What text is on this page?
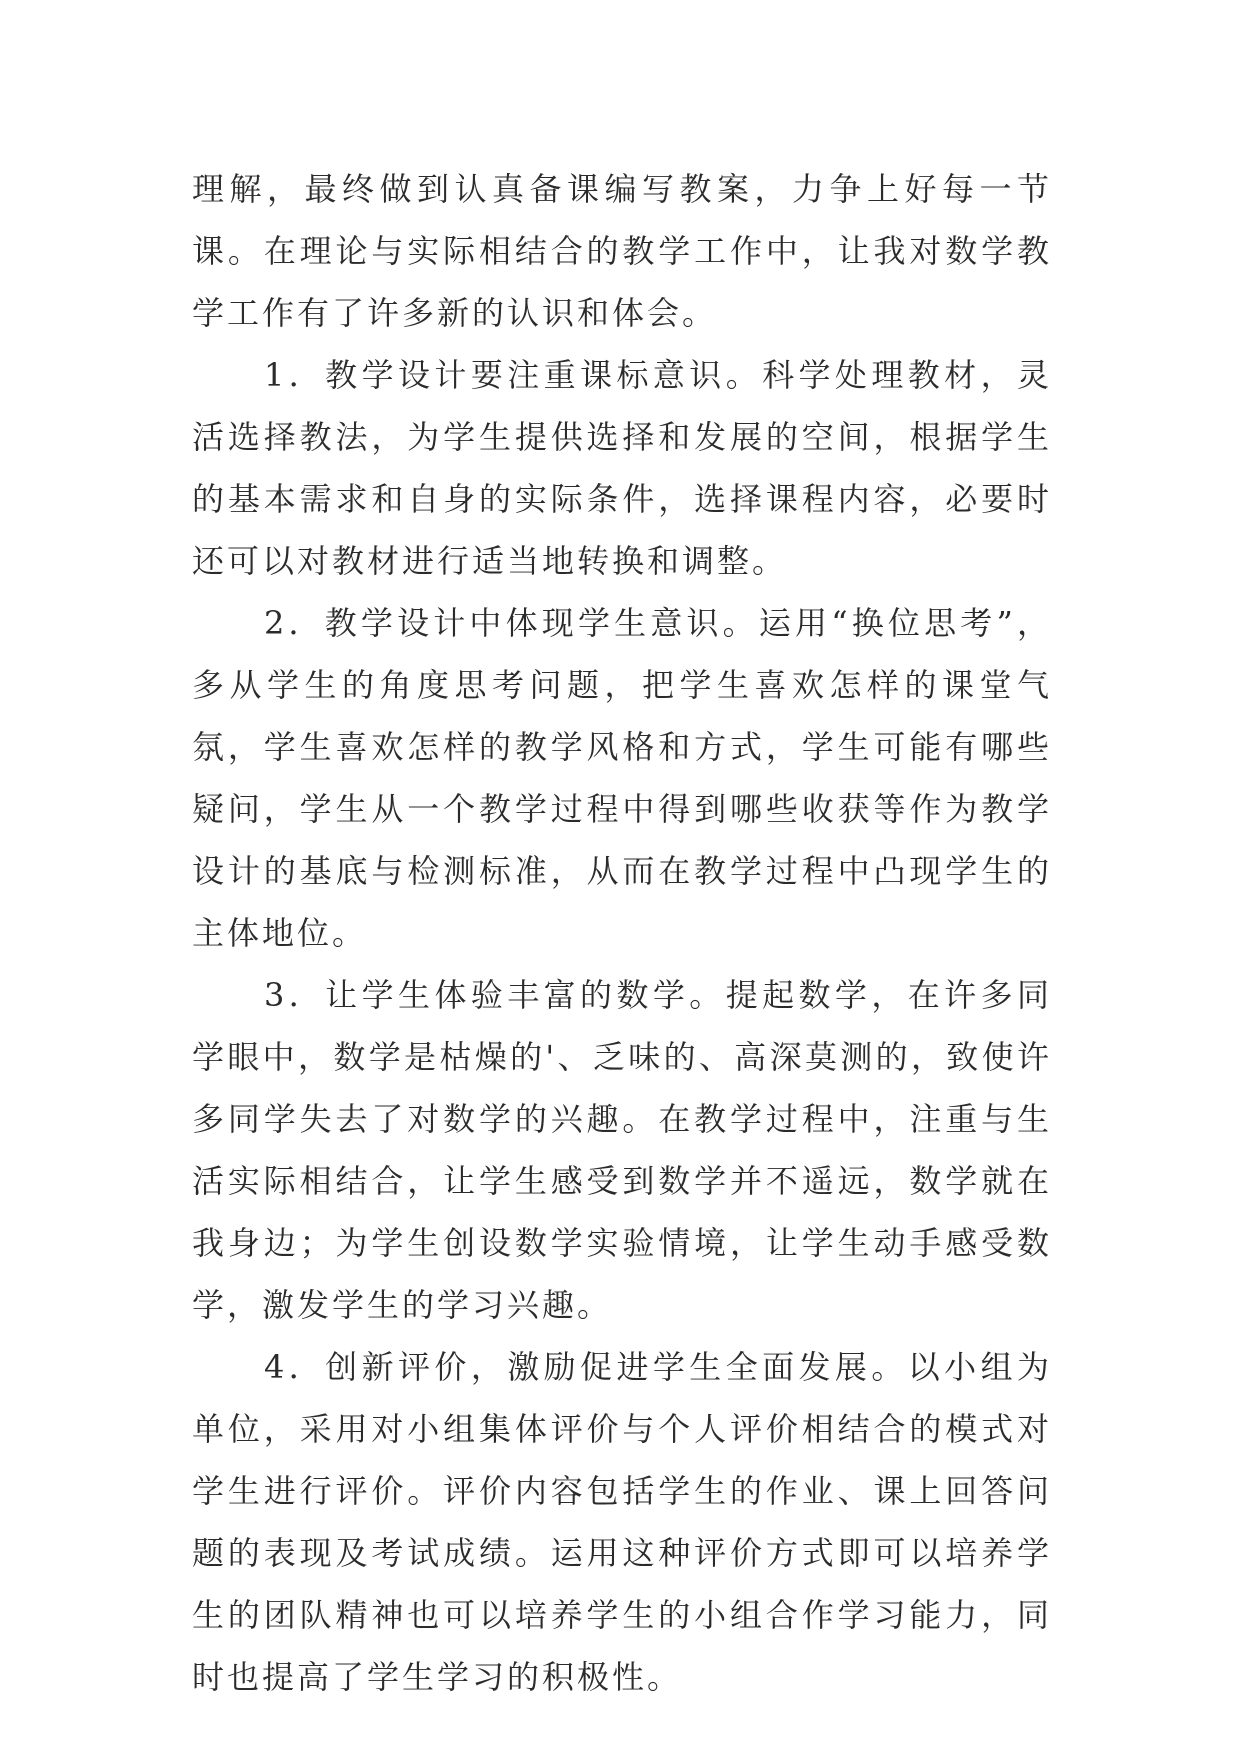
理解，最终做到认真备课编写教案，力争上好每一节课。在理论与实际相结合的教学工作中，让我对数学教学工作有了许多新的认识和体会。

1．教学设计要注重课标意识。科学处理教材，灵活选择教法，为学生提供选择和发展的空间，根据学生的基本需求和自身的实际条件，选择课程内容，必要时还可以对教材进行适当地转换和调整。

2．教学设计中体现学生意识。运用“换位思考”，多从学生的角度思考问题，把学生喜欢怎样的课堂气氛，学生喜欢怎样的教学风格和方式，学生可能有哪些疑问，学生从一个教学过程中得到哪些收获等作为教学设计的基底与检测标准，从而在教学过程中凸现学生的主体地位。

3．让学生体验丰富的数学。提起数学，在许多同学眼中，数学是枯燥的'、乏味的、高深莫测的，致使许多同学失去了对数学的兴趣。在教学过程中，注重与生活实际相结合，让学生感受到数学并不遥远，数学就在我身边；为学生创设数学实验情境，让学生动手感受数学，激发学生的学习兴趣。

4．创新评价，激励促进学生全面发展。以小组为单位，采用对小组集体评价与个人评价相结合的模式对学生进行评价。评价内容包括学生的作业、课上回答问题的表现及考试成绩。运用这种评价方式即可以培养学生的团队精神也可以培养学生的小组合作学习能力，同时也提高了学生学习的积极性。
